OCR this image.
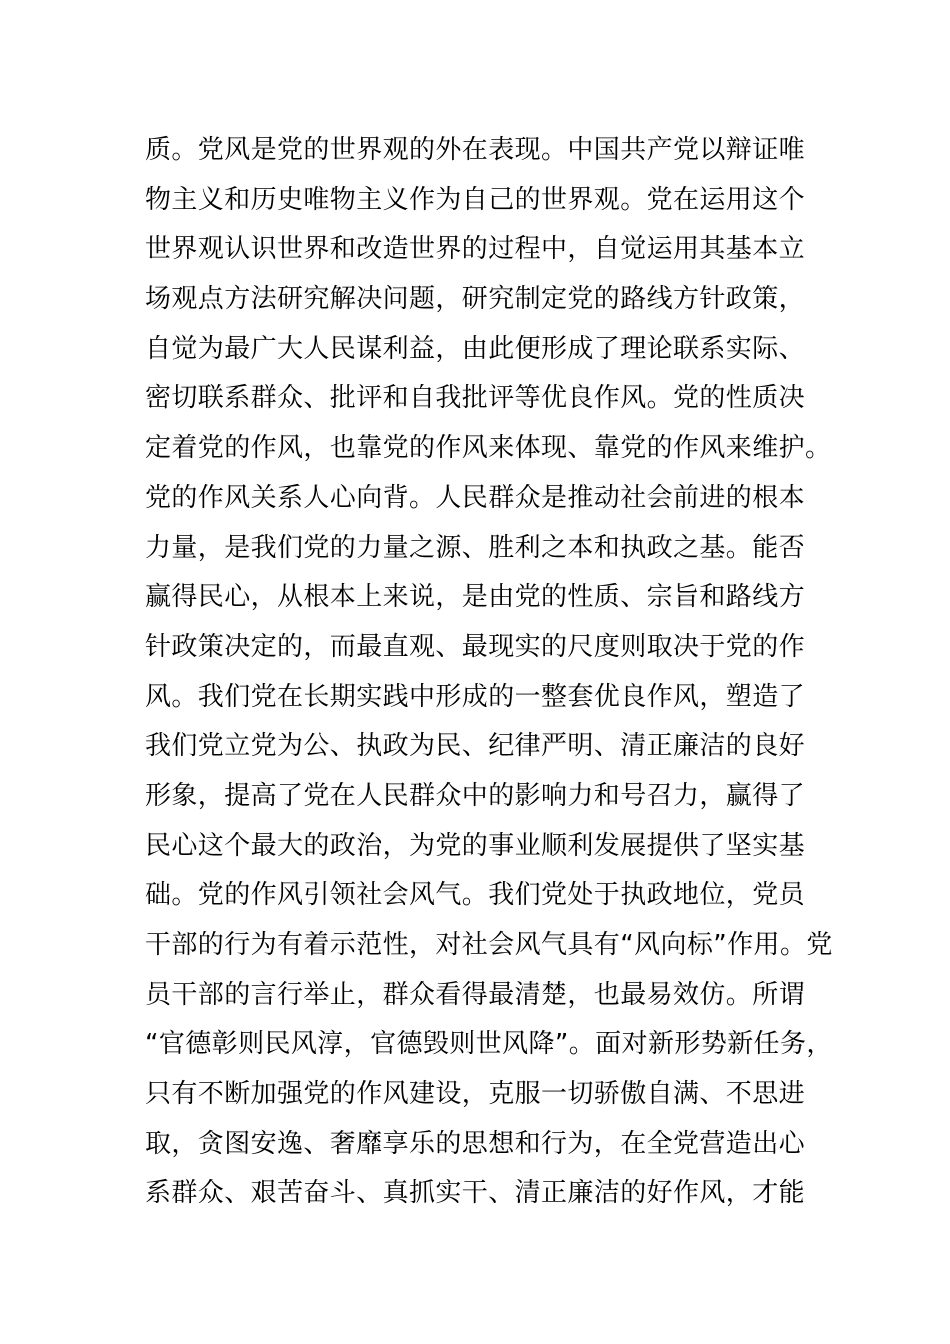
质。党风是党的世界观的外在表现。中国共产党以辩证唯
物主义和历史唯物主义作为自己的世界观。党在运用这个
世界观认识世界和改造世界的过程中，自觉运用其基本立
场观点方法研究解决问题，研究制定党的路线方针政策，
自觉为最广大人民谋利益，由此便形成了理论联系实际、
密切联系群众、批评和自我批评等优良作风。党的性质决
定着党的作风，也靠党的作风来体现、靠党的作风来维护。
党的作风关系人心向背。人民群众是推动社会前进的根本
力量，是我们党的力量之源、胜利之本和执政之基。能否
赢得民心，从根本上来说，是由党的性质、宗旨和路线方
针政策决定的，而最直观、最现实的尺度则取决于党的作
风。我们党在长期实践中形成的一整套优良作风，塑造了
我们党立党为公、执政为民、纪律严明、清正廉洁的良好
形象，提高了党在人民群众中的影响力和号召力，赢得了
民心这个最大的政治，为党的事业顺利发展提供了坚实基
础。党的作风引领社会风气。我们党处于执政地位，党员
干部的行为有着示范性，对社会风气具有“风向标”作用。党
员干部的言行举止，群众看得最清楚，也最易效仿。所谓
“官德彰则民风淳，官德毁则世风降”。面对新形势新任务，
只有不断加强党的作风建设，克服一切骄傲自满、不思进
取，贪图安逸、奢靡享乐的思想和行为，在全党营造出心
系群众、艰苦奋斗、真抓实干、清正廉洁的好作风，才能
